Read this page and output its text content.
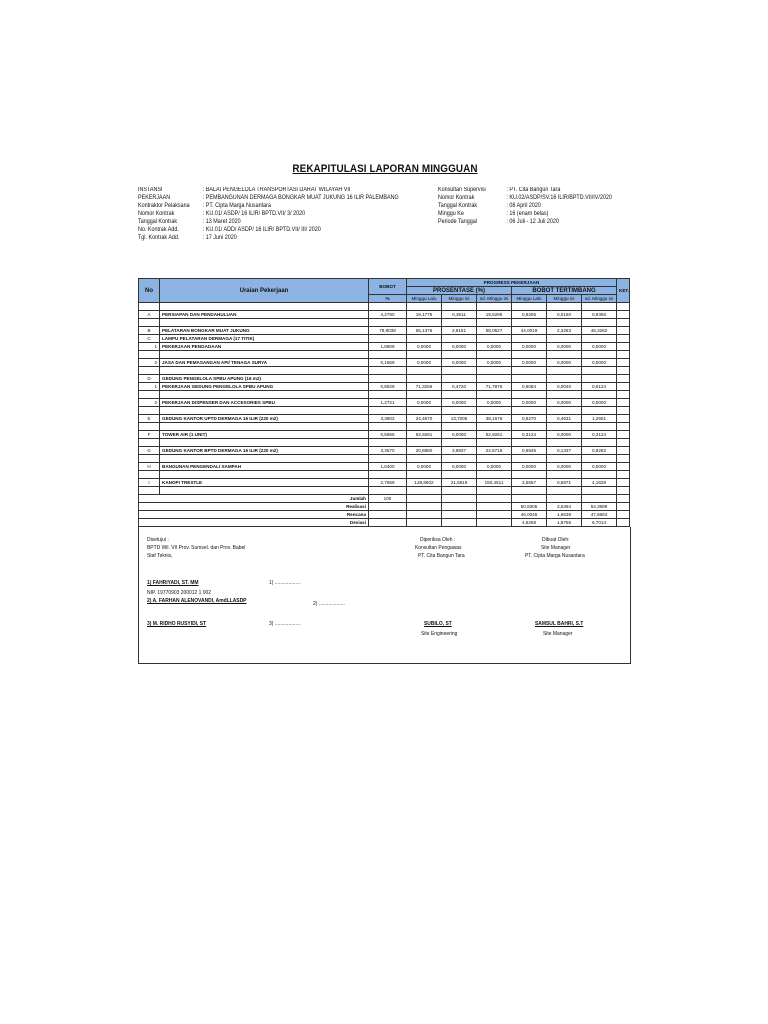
REKAPITULASI LAPORAN MINGGUAN
INSTANSI	: BALAI PENGELOLA TRANSPORTASI DARAT WILAYAH VII
PEKERJAAN	: PEMBANGUNAN DERMAGA BONGKAR MUAT JUKUNG 16 ILIR PALEMBANG
Kontraktor Pelaksana : PT. Cipta Marga Nusantara
Nomor Kontrak	: KU.01/ ASDP/ 16 ILIR/ BPTD.VII/ 3/ 2020
Tanggal Kontrak	: 13 Maret 2020
No. Kontrak Add.	: KU.01/ ADD/ ASDP/ 16 ILIR/ BPTD.VII/ III/ 2020
Tgl. Kontrak Add.	: 17 Juni 2020
Konsultan Supervisi	: PT. Cita Bangun Tara
Nomor Kontrak	: KU.02/ASDP/SV.16 ILIR/BPTD.VII/IV/2020
Tanggal Kontrak	: 08 April 2020
Minggu Ke	: 16 (enam belas)
Periode Tanggal	: 06 Juli - 12 Juli 2020
No	Uraian Pekerjaan	BOBOT	PROGRESS PEKERJAAN						KET.
			PROSENTASE (%)			BOBOT TERTIMBANG			
		%	Minggu Lalu	Minggu ini	sd. Minggu ini	Minggu Lalu	Minggu ini	sd. Minggu ini	

A	PERSIAPAN DAN PENDAHULUAN	4,2790	19,1775	0,3511	19,5286	0,8206	0,0150	0,8356	

B	PELATARAN BONGKAR MUAT JUKUNG	79,8038	55,1376	2,9151	58,0527	44,0019	2,3263	46,3282	
C	LAMPU PELATARAN DERMAGA (17 TITIK)								
1	PEKERJAAN PENGADAAN	1,8809	0,0000	0,0000	0,0000	0,0000	0,0000	0,0000	

2	JASA DAN PEMASANGAN API/ TENAGA SURYA	0,1669	0,0000	0,0000	0,0000	0,0000	0,0000	0,0000	

D	GEDUNG PENGELOLA SPBU APUNG (16 m2)								
1	PEKERJAAN GEDUNG PENGELOLA SPBU APUNG	0,8529	71,3256	0,4720	71,7976	0,6084	0,0040	0,6124	

2	PEKERJAAN DISPENSER DAN ACCESORIES SPBU	1,2721	0,0000	0,0000	0,0000	0,0000	0,0000	0,0000	

E	GEDUNG KANTOR UPTD DERMAGA 16 ILIR (220 m2)	3,3802	24,4670	13,7005	38,1676	0,8270	0,4631	1,2901	

F	TOWER AIR (1 UNIT)	0,5965	52,9261	0,0000	52,9261	0,3124	0,0000	0,3124	

G	GEDUNG KANTOR BPTD DERMAGA 16 ILIR (220 m2)	3,3570	20,6880	3,9837	24,6718	0,6945	0,1337	0,8282	

H	BANGUNAN PENGENDALI SAMPAH	1,6400	0,0000	0,0000	0,0000	0,0000	0,0000	0,0000	

I	KANOPI TRESTLE	2,7669	128,8602	21,5819	150,4511	3,5657	0,5971	4,1628	

Jumlah		100							
Realisasi						50,8305	3,5394	54,3699	
Rencana						46,0046	1,6638	47,6684	
Deviasi						4,8258	1,8756	6,7014	
Disetujui :
BPTD Wil. VII Prov. Sumsel. dan Prov. Babel
Staf Teknis,
1) FAHRIYADI, ST. MM	1) ...................
NIP. 19770903 200012 1 002
2) A. FARHAN ALENOVANDI, AmdLLASDP	2) ...................
3) M. RIDHO RUSYIDI, ST	3) ...................
Diperiksa Oleh :
Konsultan Pengawas
PT. Cita Bangun Tara
SUBILO, ST
Site Engineering
Dibuat Oleh:
Site Manager
PT. Cipta Marga Nusantara
SAMSUL BAHRI, S.T
Site Manager
